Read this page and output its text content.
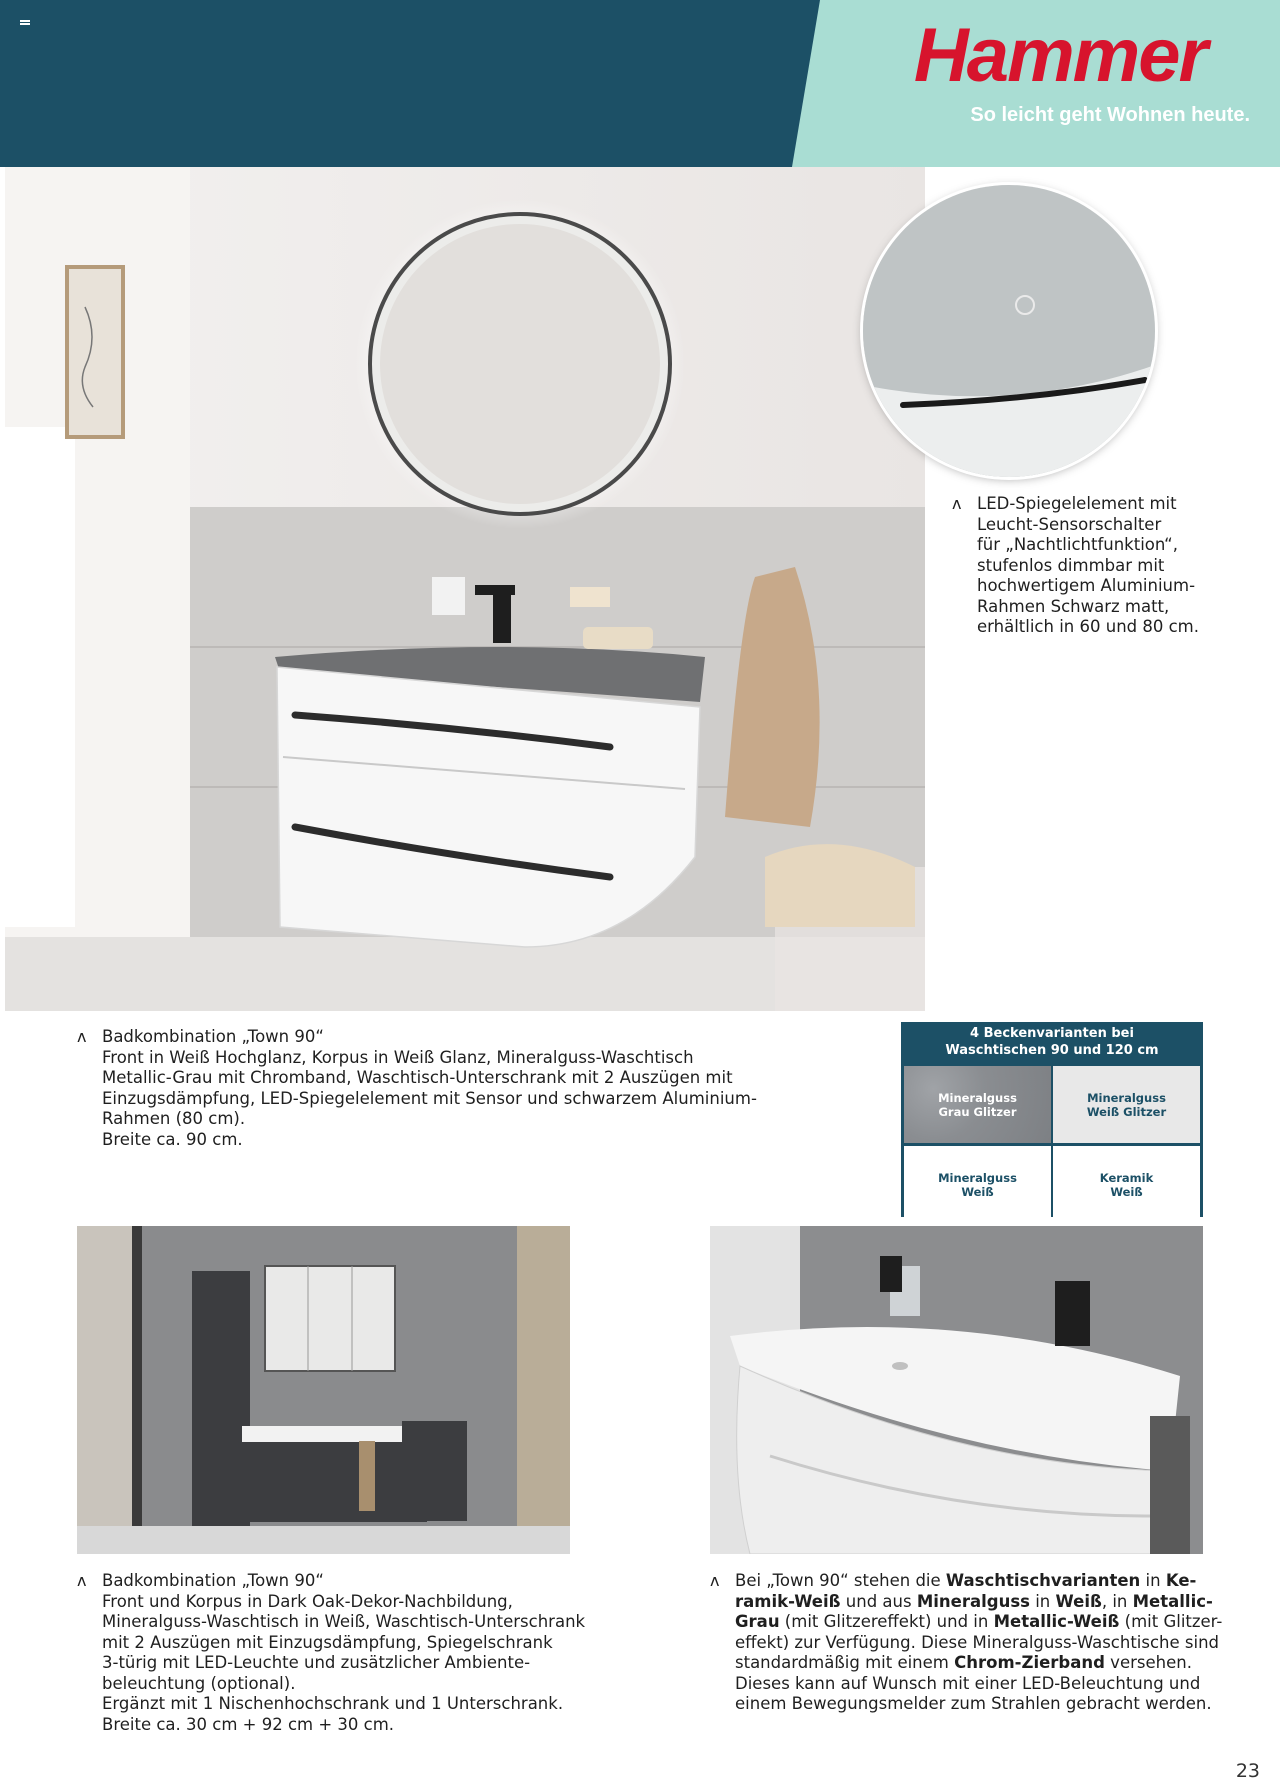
Hammer
So leicht geht Wohnen heute.
ʌ LED-Spiegelelement mit
Leucht-Sensorschalter
für „Nachtlichtfunktion“,
stufenlos dimmbar mit
hochwertigem Aluminium-
Rahmen Schwarz matt,
erhältlich in 60 und 80 cm.
ʌ Badkombination „Town 90“
Front in Weiß Hochglanz, Korpus in Weiß Glanz, Mineralguss-Waschtisch
Metallic-Grau mit Chromband, Waschtisch-Unterschrank mit 2 Auszügen mit
Einzugsdämpfung, LED-Spiegelelement mit Sensor und schwarzem Aluminium-
Rahmen (80 cm).
Breite ca. 90 cm.
4 Beckenvarianten bei
Waschtischen 90 und 120 cm
Mineralguss
Grau Glitzer
Mineralguss
Weiß Glitzer
Mineralguss
Weiß
Keramik
Weiß
ʌ Badkombination „Town 90“
Front und Korpus in Dark Oak-Dekor-Nachbildung,
Mineralguss-Waschtisch in Weiß, Waschtisch-Unterschrank
mit 2 Auszügen mit Einzugsdämpfung, Spiegelschrank
3-türig mit LED-Leuchte und zusätzlicher Ambiente-
beleuchtung (optional).
Ergänzt mit 1 Nischenhochschrank und 1 Unterschrank.
Breite ca. 30 cm + 92 cm + 30 cm.
ʌ Bei „Town 90“ stehen die Waschtischvarianten in Ke-
ramik-Weiß und aus Mineralguss in Weiß, in Metallic-
Grau (mit Glitzereffekt) und in Metallic-Weiß (mit Glitzer-
effekt) zur Verfügung. Diese Mineralguss-Waschtische sind
standardmäßig mit einem Chrom-Zierband versehen.
Dieses kann auf Wunsch mit einer LED-Beleuchtung und
einem Bewegungsmelder zum Strahlen gebracht werden.
23
